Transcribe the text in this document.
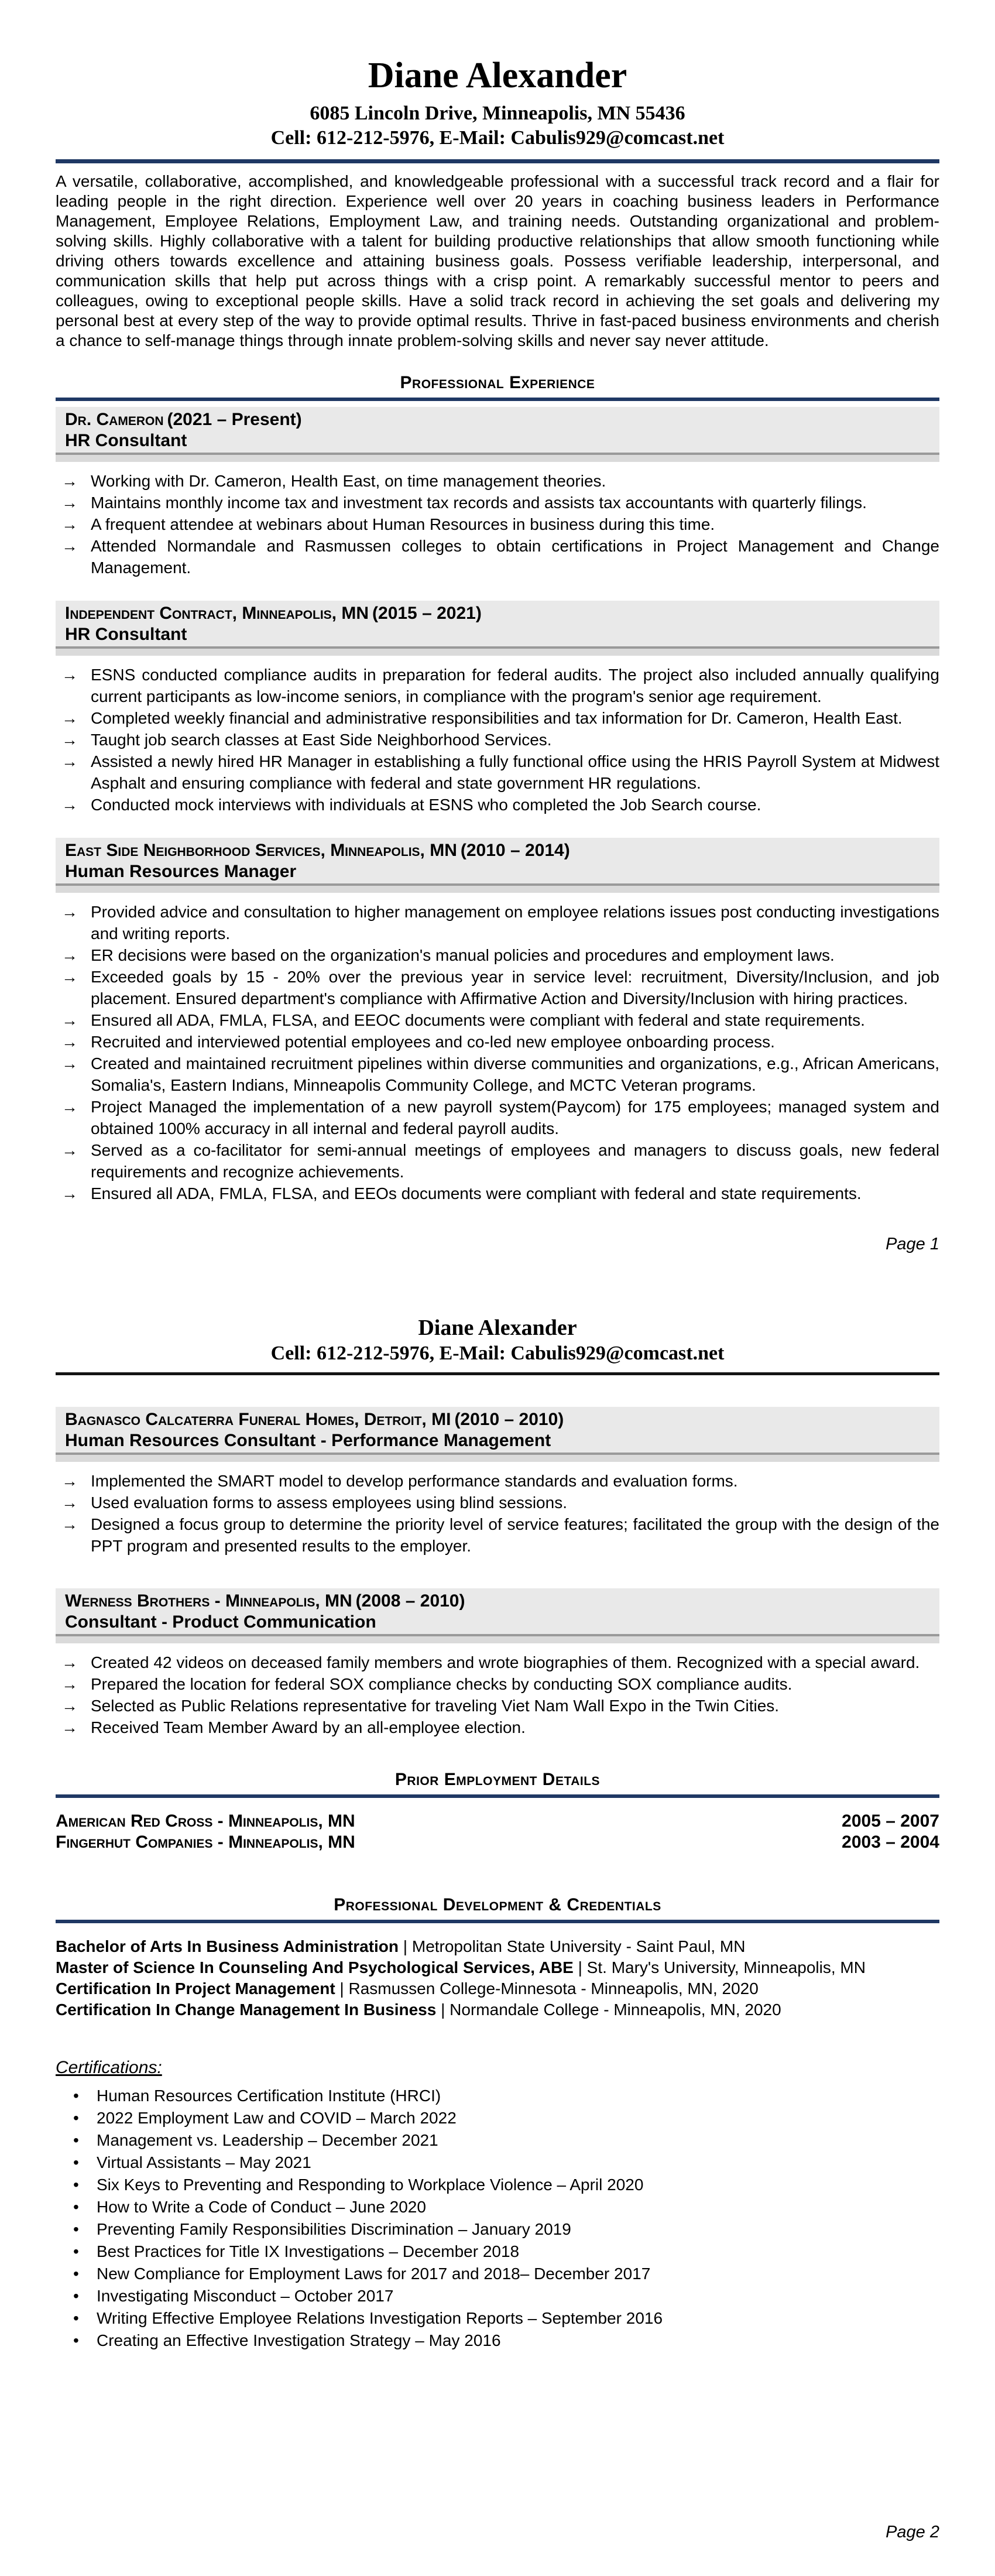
Diane Alexander
6085 Lincoln Drive, Minneapolis, MN 55436
Cell: 612-212-5976, E-Mail: Cabulis929@comcast.net

A versatile, collaborative, accomplished, and knowledgeable professional with a successful track record and a flair for leading people in the right direction. Experience well over 20 years in coaching business leaders in Performance Management, Employee Relations, Employment Law, and training needs. Outstanding organizational and problem-solving skills. Highly collaborative with a talent for building productive relationships that allow smooth functioning while driving others towards excellence and attaining business goals. Possess verifiable leadership, interpersonal, and communication skills that help put across things with a crisp point. A remarkably successful mentor to peers and colleagues, owing to exceptional people skills. Have a solid track record in achieving the set goals and delivering my personal best at every step of the way to provide optimal results. Thrive in fast-paced business environments and cherish a chance to self-manage things through innate problem-solving skills and never say never attitude.

Professional Experience
Dr. Cameron (2021 – Present)
HR Consultant
→ Working with Dr. Cameron, Health East, on time management theories.
→ Maintains monthly income tax and investment tax records and assists tax accountants with quarterly filings.
→ A frequent attendee at webinars about Human Resources in business during this time.
→ Attended Normandale and Rasmussen colleges to obtain certifications in Project Management and Change Management.
Independent Contract, Minneapolis, MN (2015 – 2021)
HR Consultant
→ ESNS conducted compliance audits in preparation for federal audits. The project also included annually qualifying current participants as low-income seniors, in compliance with the program's senior age requirement.
→ Completed weekly financial and administrative responsibilities and tax information for Dr. Cameron, Health East.
→ Taught job search classes at East Side Neighborhood Services.
→ Assisted a newly hired HR Manager in establishing a fully functional office using the HRIS Payroll System at Midwest Asphalt and ensuring compliance with federal and state government HR regulations.
→ Conducted mock interviews with individuals at ESNS who completed the Job Search course.
East Side Neighborhood Services, Minneapolis, MN (2010 – 2014)
Human Resources Manager
→ Provided advice and consultation to higher management on employee relations issues post conducting investigations and writing reports.
→ ER decisions were based on the organization's manual policies and procedures and employment laws.
→ Exceeded goals by 15 - 20% over the previous year in service level: recruitment, Diversity/Inclusion, and job placement. Ensured department's compliance with Affirmative Action and Diversity/Inclusion with hiring practices.
→ Ensured all ADA, FMLA, FLSA, and EEOC documents were compliant with federal and state requirements.
→ Recruited and interviewed potential employees and co-led new employee onboarding process.
→ Created and maintained recruitment pipelines within diverse communities and organizations, e.g., African Americans, Somalia's, Eastern Indians, Minneapolis Community College, and MCTC Veteran programs.
→ Project Managed the implementation of a new payroll system(Paycom) for 175 employees; managed system and obtained 100% accuracy in all internal and federal payroll audits.
→ Served as a co-facilitator for semi-annual meetings of employees and managers to discuss goals, new federal requirements and recognize achievements.
→ Ensured all ADA, FMLA, FLSA, and EEOs documents were compliant with federal and state requirements.
Page 1
Diane Alexander
Cell: 612-212-5976, E-Mail: Cabulis929@comcast.net
Bagnasco Calcaterra Funeral Homes, Detroit, MI (2010 – 2010)
Human Resources Consultant - Performance Management
→ Implemented the SMART model to develop performance standards and evaluation forms.
→ Used evaluation forms to assess employees using blind sessions.
→ Designed a focus group to determine the priority level of service features; facilitated the group with the design of the PPT program and presented results to the employer.
Werness Brothers - Minneapolis, MN (2008 – 2010)
Consultant - Product Communication
→ Created 42 videos on deceased family members and wrote biographies of them. Recognized with a special award.
→ Prepared the location for federal SOX compliance checks by conducting SOX compliance audits.
→ Selected as Public Relations representative for traveling Viet Nam Wall Expo in the Twin Cities.
→ Received Team Member Award by an all-employee election.
Prior Employment Details
American Red Cross - Minneapolis, MN	2005 – 2007
Fingerhut Companies - Minneapolis, MN	2003 – 2004
Professional Development & Credentials
Bachelor of Arts In Business Administration | Metropolitan State University - Saint Paul, MN
Master of Science In Counseling And Psychological Services, ABE | St. Mary's University, Minneapolis, MN
Certification In Project Management | Rasmussen College-Minnesota - Minneapolis, MN, 2020
Certification In Change Management In Business | Normandale College - Minneapolis, MN, 2020
Certifications:
•	Human Resources Certification Institute (HRCI)
•	2022 Employment Law and COVID – March 2022
•	Management vs. Leadership – December 2021
•	Virtual Assistants – May 2021
•	Six Keys to Preventing and Responding to Workplace Violence – April 2020
•	How to Write a Code of Conduct – June 2020
•	Preventing Family Responsibilities Discrimination – January 2019
•	Best Practices for Title IX Investigations – December 2018
•	New Compliance for Employment Laws for 2017 and 2018– December 2017
•	Investigating Misconduct – October 2017
•	Writing Effective Employee Relations Investigation Reports – September 2016
•	Creating an Effective Investigation Strategy – May 2016
Page 2
